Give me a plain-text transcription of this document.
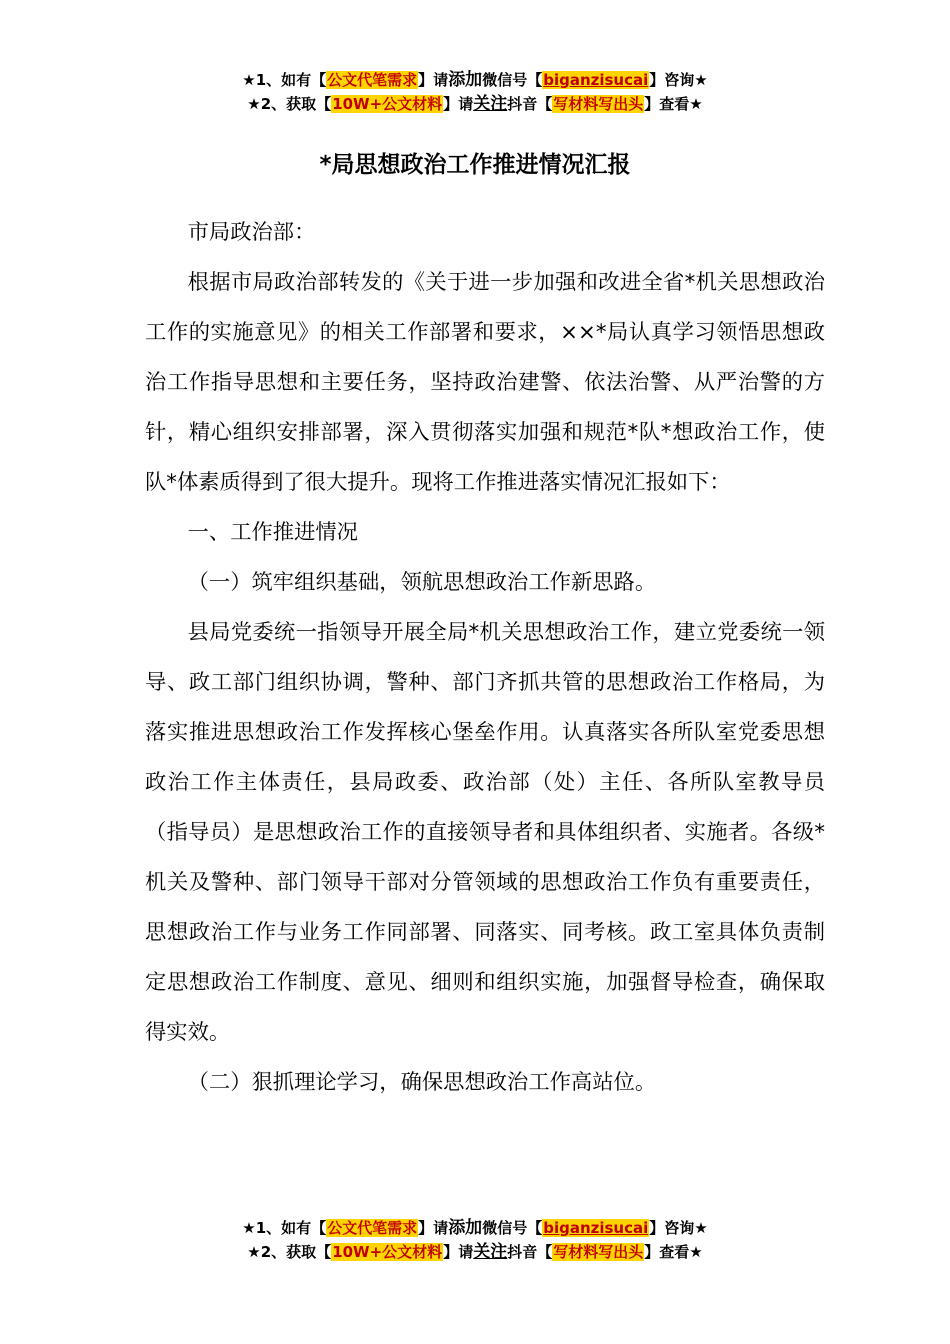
★1、如有【公文代笔需求】请添加微信号【biganzisucai】咨询★
★2、获取【10W+公文材料】请关注抖音【写材料写出头】查看★
*局思想政治工作推进情况汇报

市局政治部：

根据市局政治部转发的《关于进一步加强和改进全省*机关思想政治工作的实施意见》的相关工作部署和要求，××*局认真学习领悟思想政治工作指导思想和主要任务，坚持政治建警、依法治警、从严治警的方针，精心组织安排部署，深入贯彻落实加强和规范*队*想政治工作，使队*体素质得到了很大提升。现将工作推进落实情况汇报如下：

一、工作推进情况

（一）筑牢组织基础，领航思想政治工作新思路。

县局党委统一指领导开展全局*机关思想政治工作，建立党委统一领导、政工部门组织协调，警种、部门齐抓共管的思想政治工作格局，为落实推进思想政治工作发挥核心堡垒作用。认真落实各所队室党委思想政治工作主体责任，县局政委、政治部（处）主任、各所队室教导员（指导员）是思想政治工作的直接领导者和具体组织者、实施者。各级*机关及警种、部门领导干部对分管领域的思想政治工作负有重要责任，思想政治工作与业务工作同部署、同落实、同考核。政工室具体负责制定思想政治工作制度、意见、细则和组织实施，加强督导检查，确保取得实效。

（二）狠抓理论学习，确保思想政治工作高站位。

★1、如有【公文代笔需求】请添加微信号【biganzisucai】咨询★
★2、获取【10W+公文材料】请关注抖音【写材料写出头】查看★
